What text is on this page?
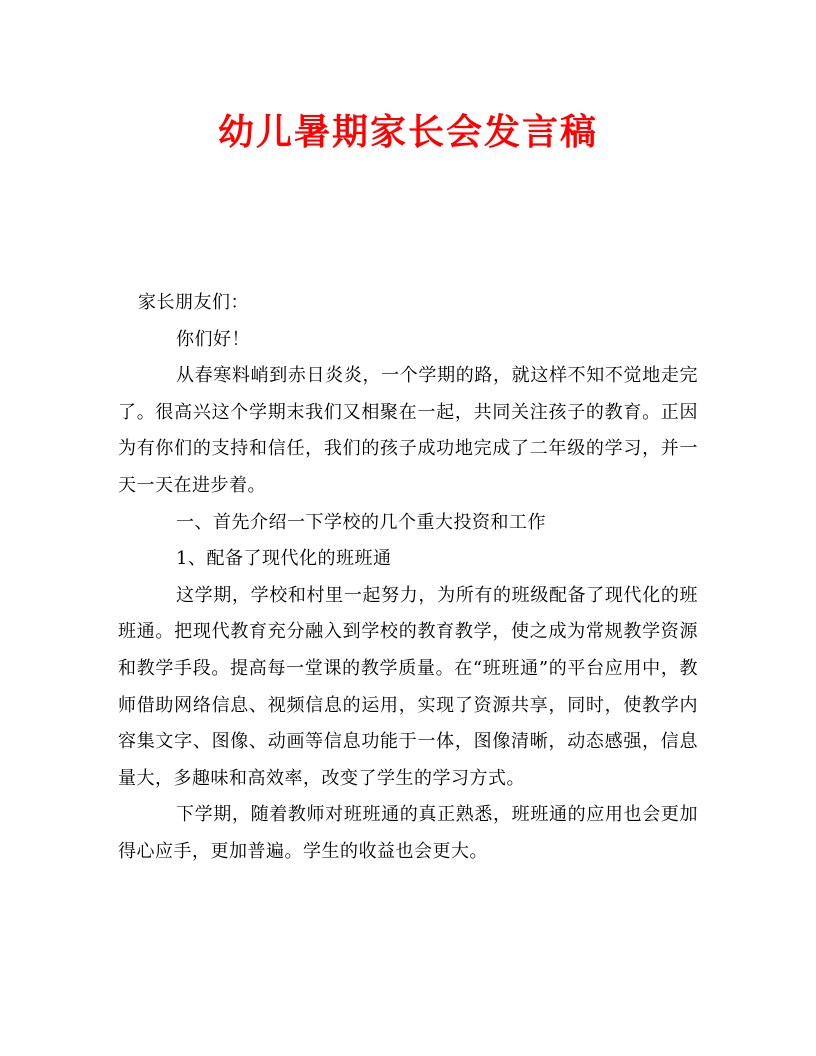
幼儿暑期家长会发言稿

家长朋友们：

你们好！

从春寒料峭到赤日炎炎，一个学期的路，就这样不知不觉地走完了。很高兴这个学期末我们又相聚在一起，共同关注孩子的教育。正因为有你们的支持和信任，我们的孩子成功地完成了二年级的学习，并一天一天在进步着。

一、首先介绍一下学校的几个重大投资和工作

1、配备了现代化的班班通

这学期，学校和村里一起努力，为所有的班级配备了现代化的班班通。把现代教育充分融入到学校的教育教学，使之成为常规教学资源和教学手段。提高每一堂课的教学质量。在“班班通”的平台应用中，教师借助网络信息、视频信息的运用，实现了资源共享，同时，使教学内容集文字、图像、动画等信息功能于一体，图像清晰，动态感强，信息量大，多趣味和高效率，改变了学生的学习方式。

下学期，随着教师对班班通的真正熟悉，班班通的应用也会更加得心应手，更加普遍。学生的收益也会更大。
